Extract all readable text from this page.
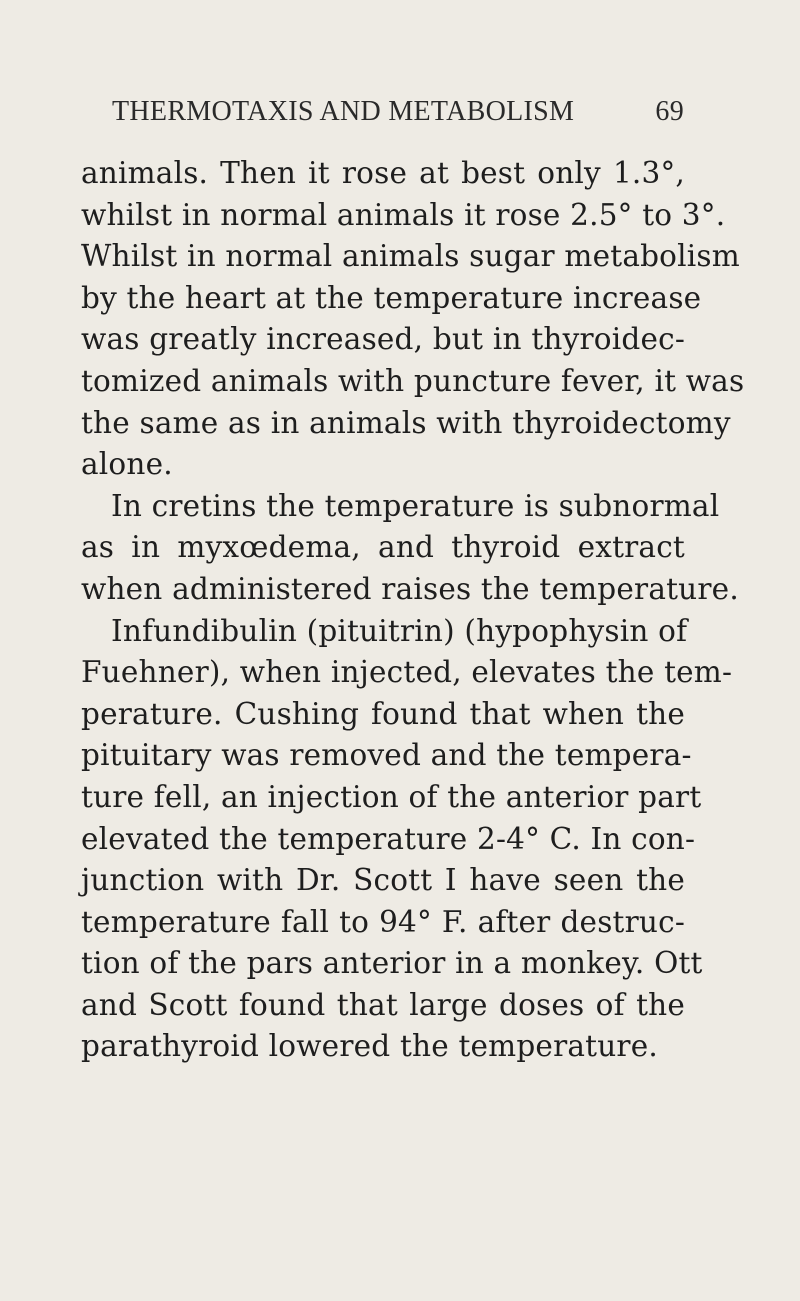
THERMOTAXIS AND METABOLISM	69
animals. Then it rose at best only 1.3°,
whilst in normal animals it rose 2.5° to 3°.
Whilst in normal animals sugar metabolism
by the heart at the temperature increase
was greatly increased, but in thyroidec-
tomized animals with puncture fever, it was
the same as in animals with thyroidectomy
alone.
In cretins the temperature is subnormal
as in myxœdema, and thyroid extract
when administered raises the temperature.
Infundibulin (pituitrin) (hypophysin of
Fuehner), when injected, elevates the tem-
perature. Cushing found that when the
pituitary was removed and the tempera-
ture fell, an injection of the anterior part
elevated the temperature 2-4° C. In con-
junction with Dr. Scott I have seen the
temperature fall to 94° F. after destruc-
tion of the pars anterior in a monkey. Ott
and Scott found that large doses of the
parathyroid lowered the temperature.
